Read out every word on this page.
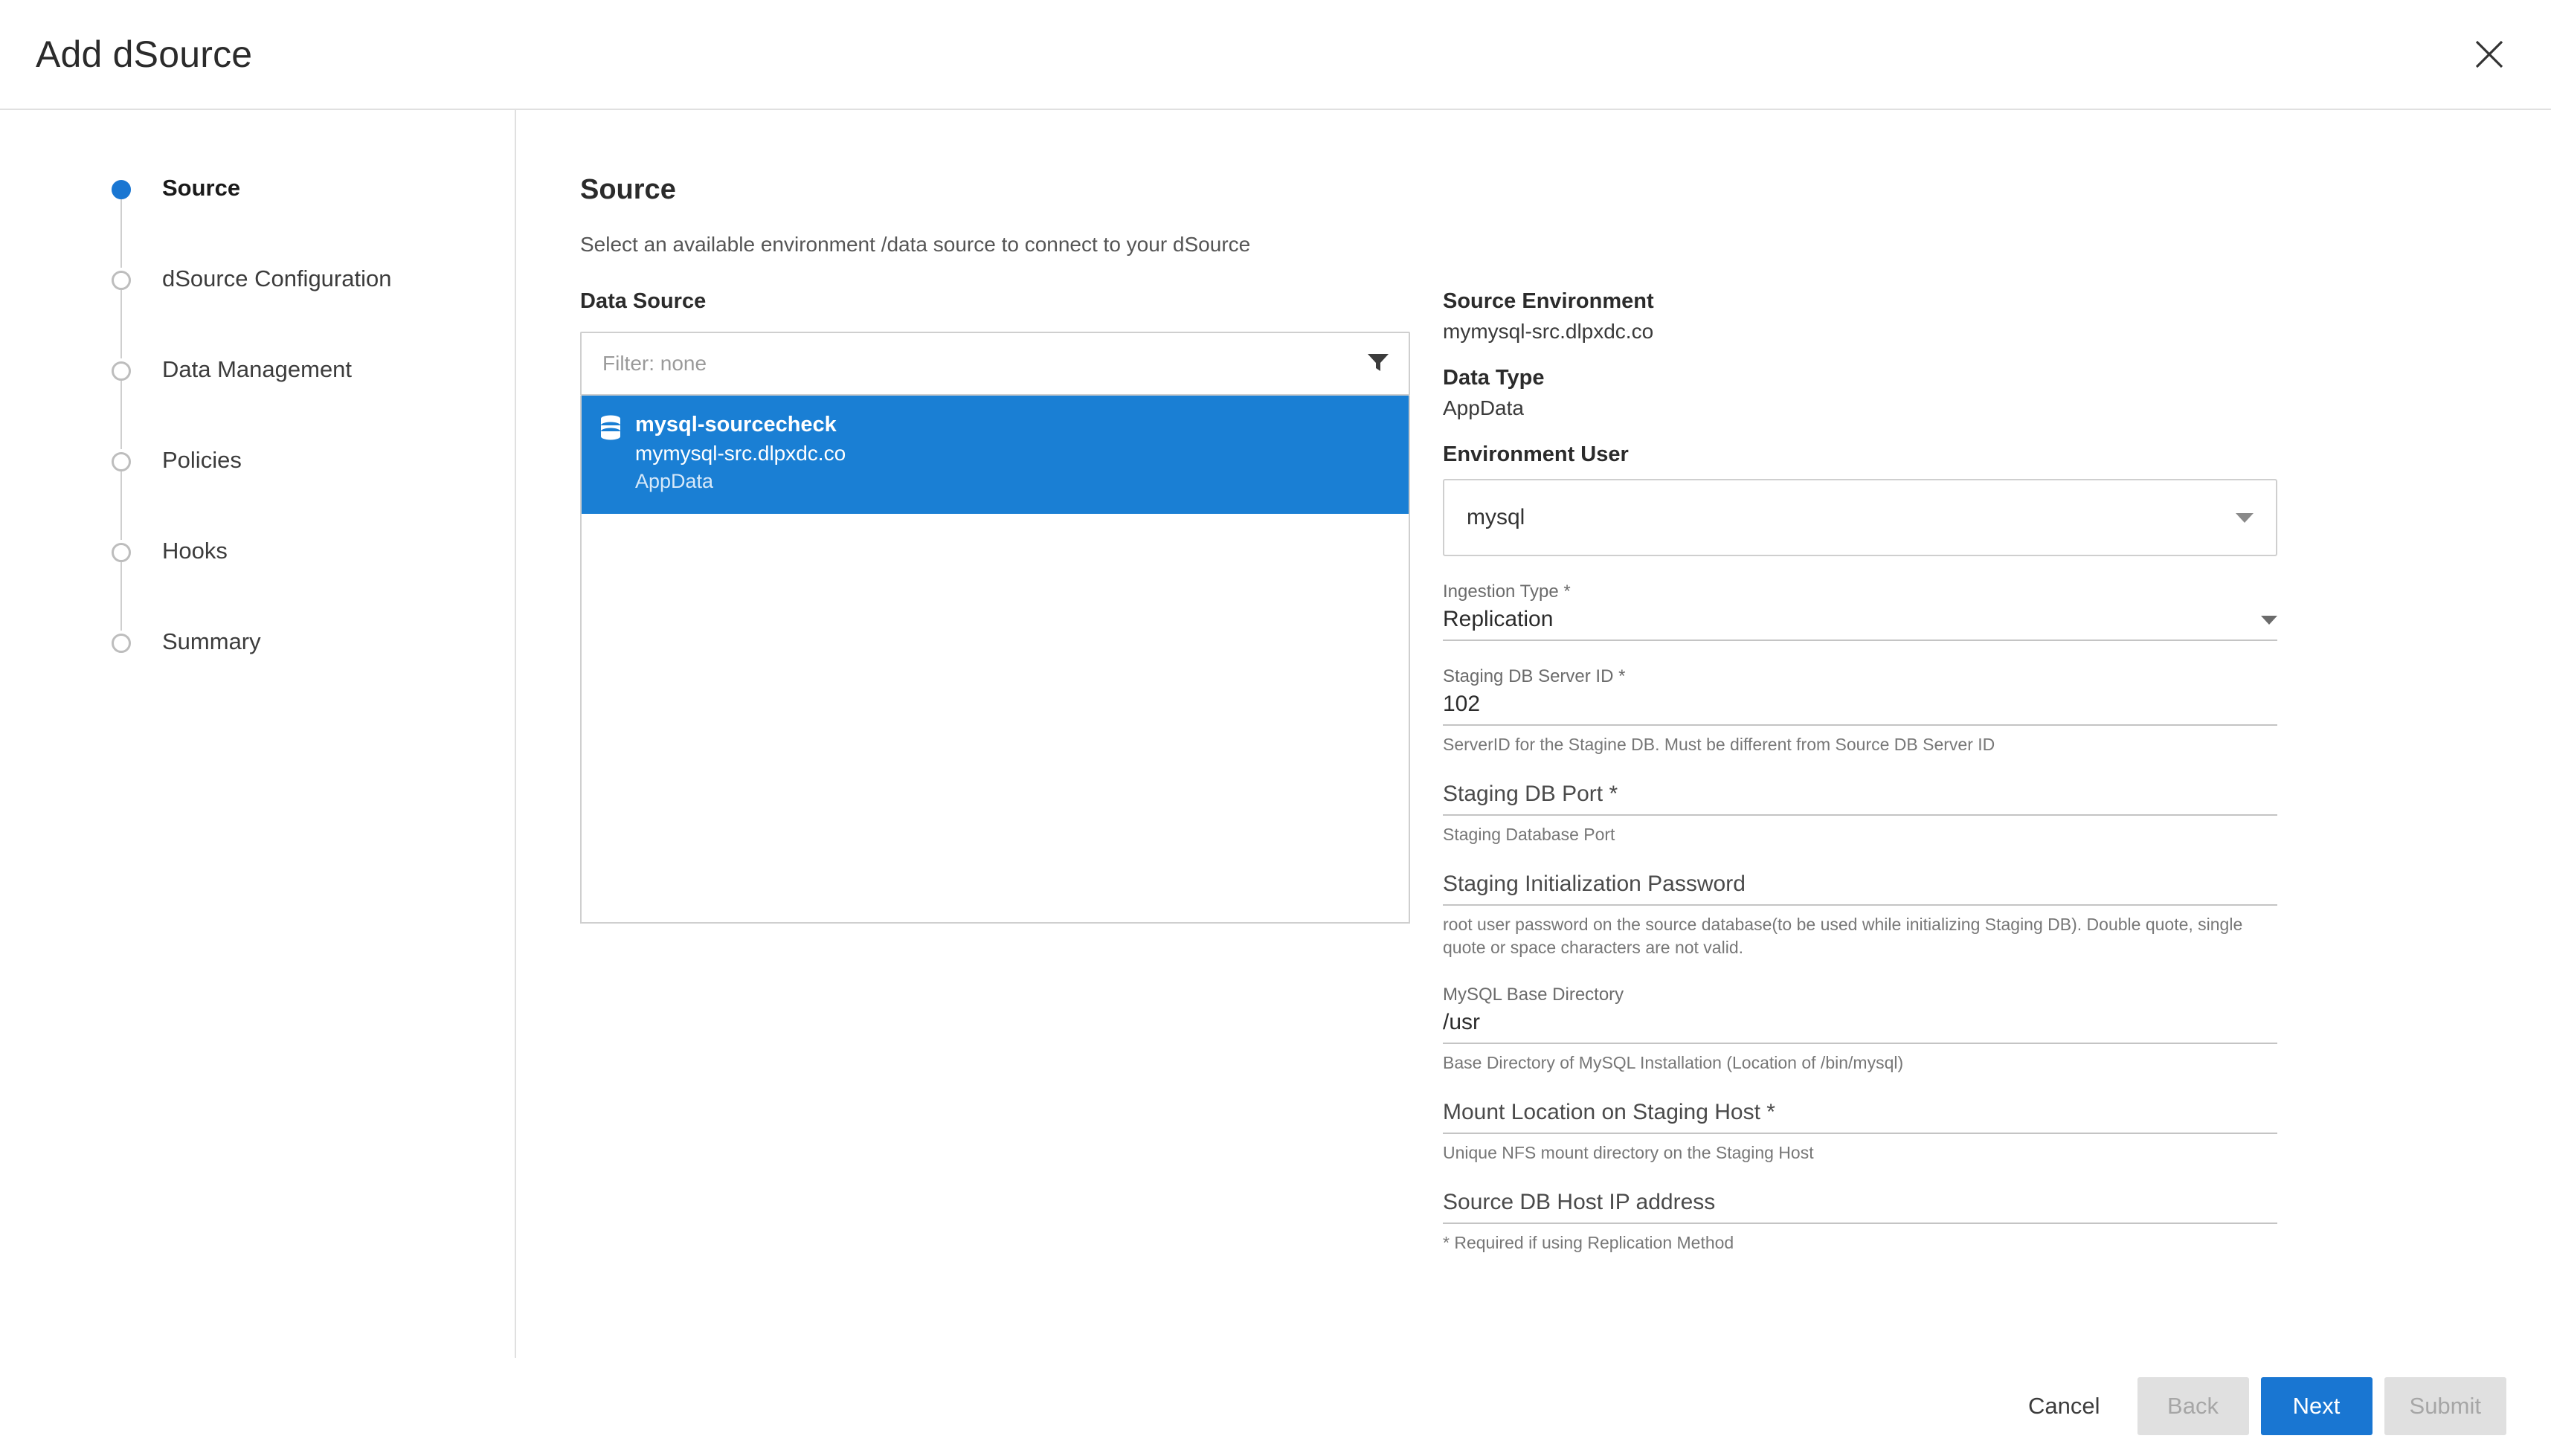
Add dSource
Source
dSource Configuration
Data Management
Policies
Hooks
Summary
Source
Select an available environment /data source to connect to your dSource
Data Source
Filter: none
mysql-sourcecheck
mymysql-src.dlpxdc.co
AppData
Source Environment
mymysql-src.dlpxdc.co
Data Type
AppData
Environment User
mysql
Ingestion Type *
Replication
Staging DB Server ID *
102
ServerID for the Stagine DB. Must be different from Source DB Server ID
Staging DB Port *
Staging Database Port
Staging Initialization Password
root user password on the source database(to be used while initializing Staging DB). Double quote, single quote or space characters are not valid.
MySQL Base Directory
/usr
Base Directory of MySQL Installation (Location of /bin/mysql)
Mount Location on Staging Host *
Unique NFS mount directory on the Staging Host
Source DB Host IP address
* Required if using Replication Method
Cancel	Back	Next	Submit
